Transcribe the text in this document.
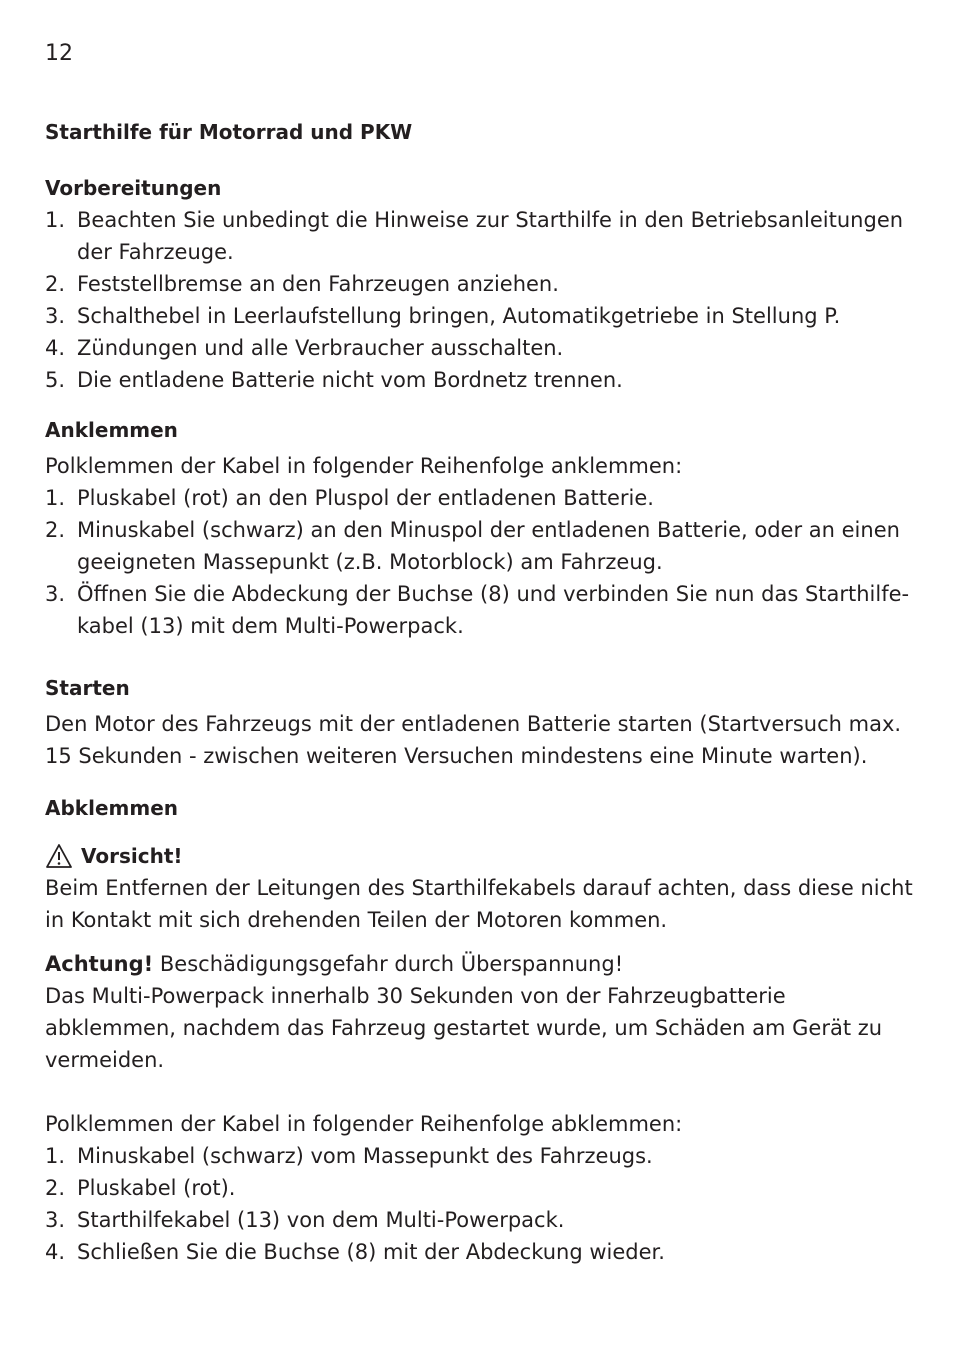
12

Starthilfe für Motorrad und PKW
Vorbereitungen
1. Beachten Sie unbedingt die Hinweise zur Starthilfe in den Betriebsanleitungen der Fahrzeuge.
2. Feststellbremse an den Fahrzeugen anziehen.
3. Schalthebel in Leerlaufstellung bringen, Automatikgetriebe in Stellung P.
4. Zündungen und alle Verbraucher ausschalten.
5. Die entladene Batterie nicht vom Bordnetz trennen.
Anklemmen

Polklemmen der Kabel in folgender Reihenfolge anklemmen:

1. Pluskabel (rot) an den Pluspol der entladenen Batterie.
2. Minuskabel (schwarz) an den Minuspol der entladenen Batterie, oder an einen geeigneten Massepunkt (z.B. Motorblock) am Fahrzeug.
3. Öffnen Sie die Abdeckung der Buchse (8) und verbinden Sie nun das Starthilfe-kabel (13) mit dem Multi-Powerpack.
Starten

Den Motor des Fahrzeugs mit der entladenen Batterie starten (Startversuch max. 15 Sekunden - zwischen weiteren Versuchen mindestens eine Minute warten).

Abklemmen
Vorsicht!

Beim Entfernen der Leitungen des Starthilfekabels darauf achten, dass diese nicht in Kontakt mit sich drehenden Teilen der Motoren kommen.

Achtung! Beschädigungsgefahr durch Überspannung!

Das Multi-Powerpack innerhalb 30 Sekunden von der Fahrzeugbatterie abklemmen, nachdem das Fahrzeug gestartet wurde, um Schäden am Gerät zu vermeiden.

Polklemmen der Kabel in folgender Reihenfolge abklemmen:

1. Minuskabel (schwarz) vom Massepunkt des Fahrzeugs.
2. Pluskabel (rot).
3. Starthilfekabel (13) von dem Multi-Powerpack.
4. Schließen Sie die Buchse (8) mit der Abdeckung wieder.
